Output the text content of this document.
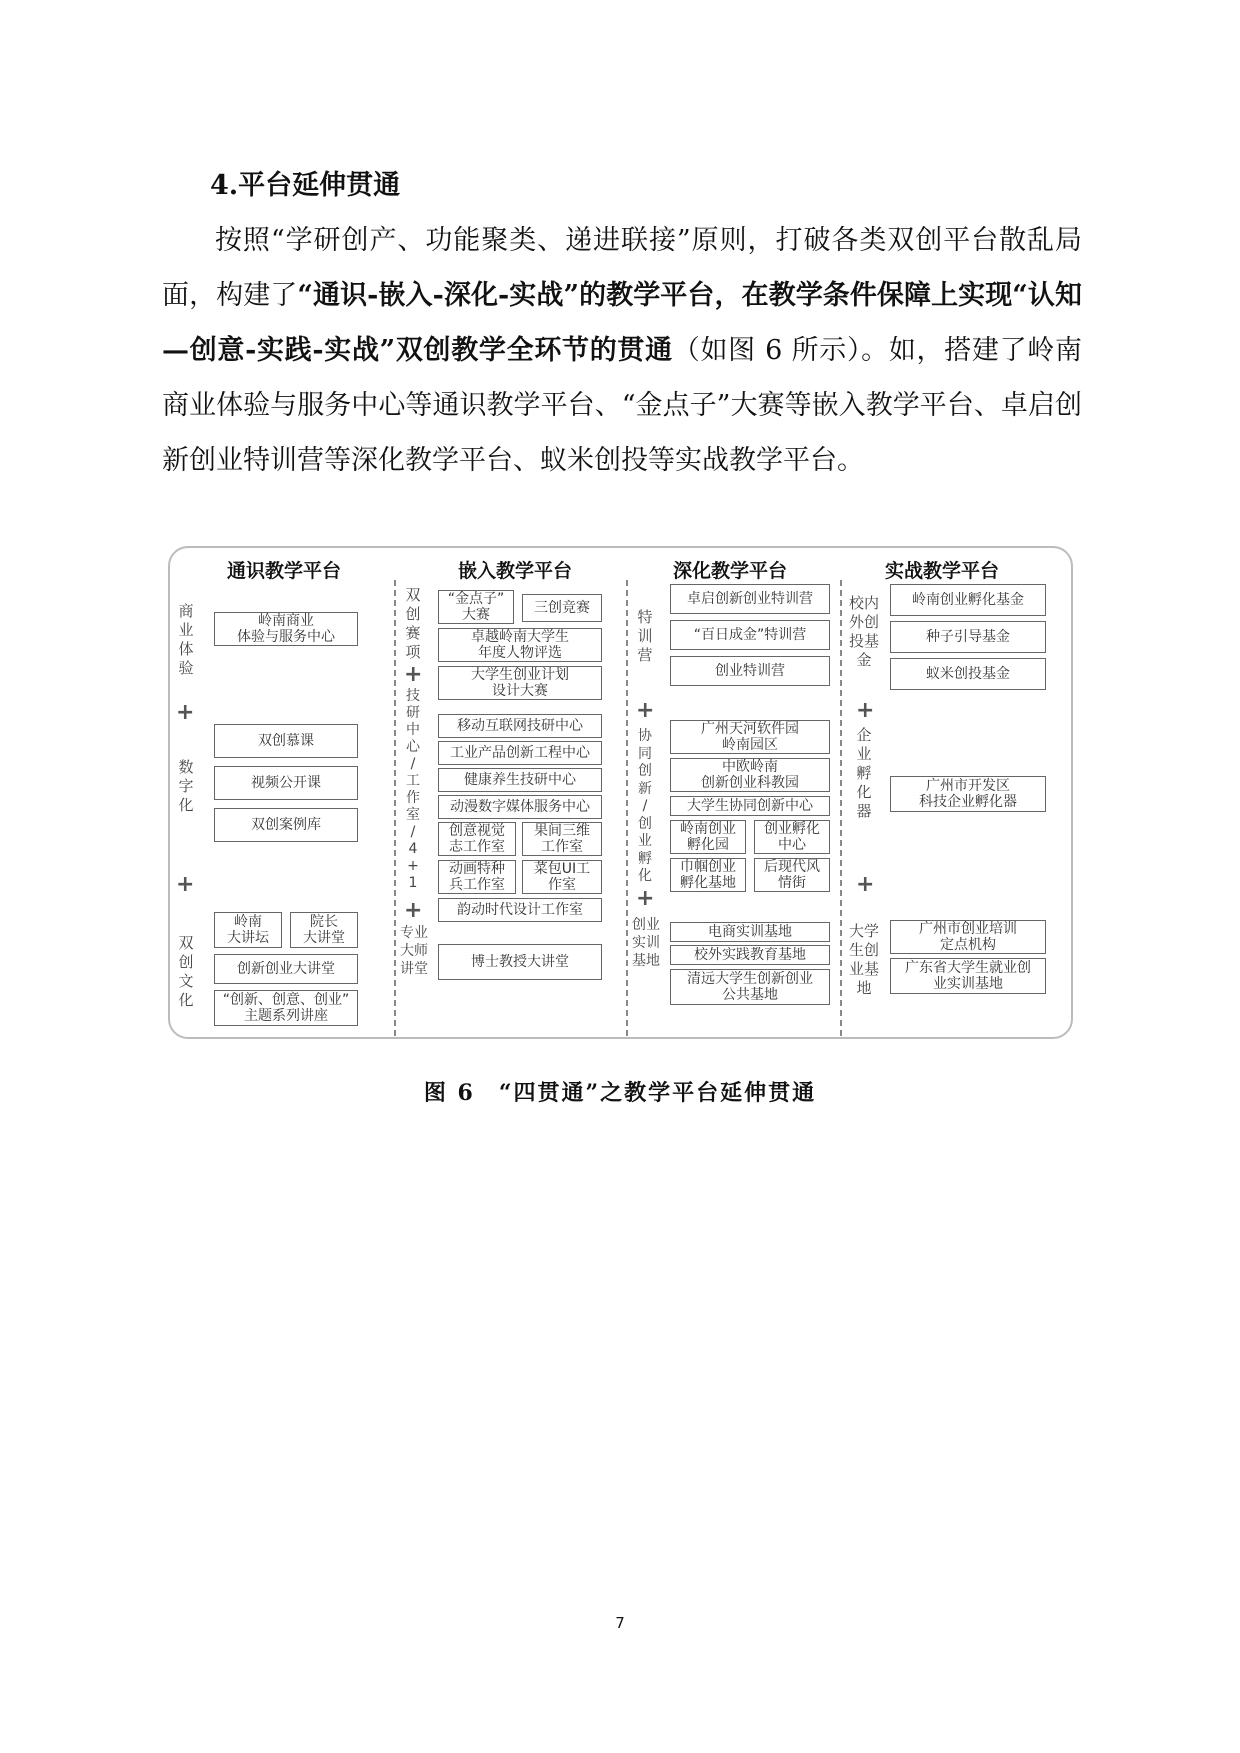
4.平台延伸贯通

按照“学研创产、功能聚类、递进联接”原则，打破各类双创平台散乱局面，构建了“通识-嵌入-深化-实战”的教学平台，在教学条件保障上实现“认知—创意-实践-实战”双创教学全环节的贯通（如图 6 所示）。如，搭建了岭南商业体验与服务中心等通识教学平台、“金点子”大赛等嵌入教学平台、卓启创新创业特训营等深化教学平台、蚁米创投等实战教学平台。

通识教学平台	嵌入教学平台	深化教学平台	实战教学平台
商
业
体
验
+
数
字
化
+
双
创
文
化
岭南商业
体验与服务中心
双创慕课
视频公开课
双创案例库
岭南
大讲坛
院长
大讲堂
创新创业大讲堂
“创新、创意、创业”
主题系列讲座
双
创
赛
项
+
技
研
中
心
/
工
作
室
/
4
+
1
+
专业
大师
讲堂
“金点子”
大赛	三创竞赛
卓越岭南大学生
年度人物评选
大学生创业计划
设计大赛
移动互联网技研中心
工业产品创新工程中心
健康养生技研中心
动漫数字媒体服务中心
创意视觉
志工作室
果间三维
工作室
动画特种
兵工作室
菜包UI工
作室
韵动时代设计工作室
博士教授大讲堂
特
训
营
+
协
同
创
新
/
创
业
孵
化
+
创业
实训
基地
卓启创新创业特训营
“百日成金”特训营
创业特训营
广州天河软件园
岭南园区
中欧岭南
创新创业科教园
大学生协同创新中心
岭南创业
孵化园
创业孵化
中心
巾帼创业
孵化基地
后现代风
情街
电商实训基地
校外实践教育基地
清远大学生创新创业
公共基地
校内
外创
投基
金
+
企
业
孵
化
器
+
大学
生创
业基
地
岭南创业孵化基金
种子引导基金
蚁米创投基金
广州市开发区
科技企业孵化器
广州市创业培训
定点机构
广东省大学生就业创
业实训基地
图 6　“四贯通”之教学平台延伸贯通
7
